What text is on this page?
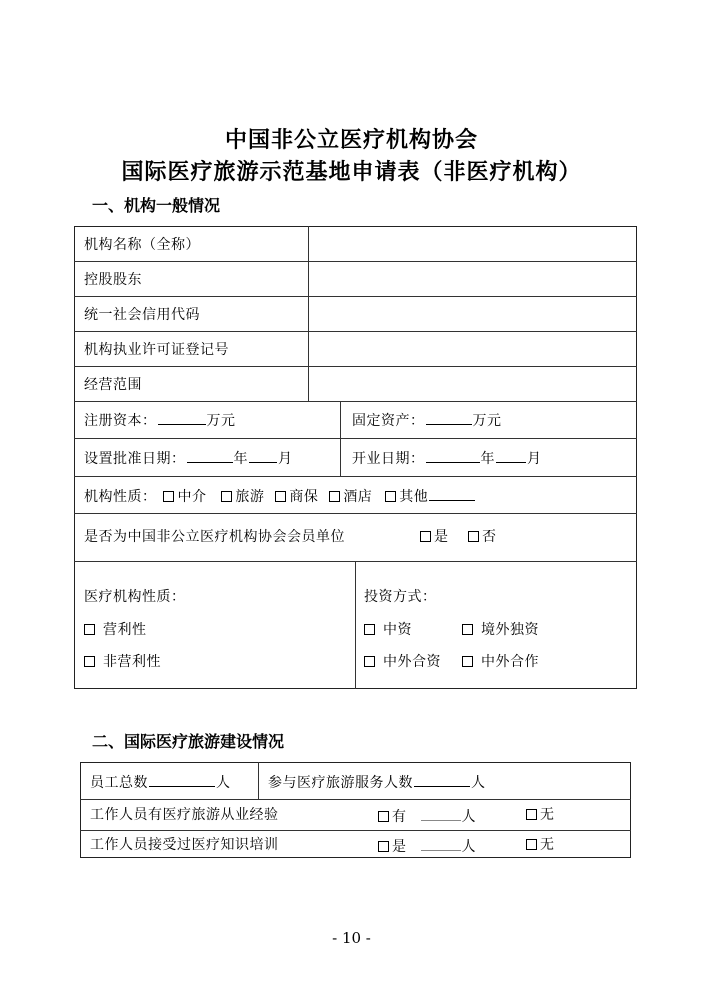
中国非公立医疗机构协会
国际医疗旅游示范基地申请表（非医疗机构）
一、机构一般情况
机构名称（全称）
控股股东
统一社会信用代码
机构执业许可证登记号
经营范围
注册资本：	万元	固定资产：	万元
设置批准日期：	年 月	开业日期：	年 月
机构性质： 中介 旅游 商保 酒店 其他
是否为中国非公立医疗机构协会会员单位	是	否
医疗机构性质：
营利性
非营利性
投资方式：
中资	境外独资
中外合资	中外合作
二、国际医疗旅游建设情况
员工总数	人	参与医疗旅游服务人数	人
工作人员有医疗旅游从业经验	有	人	无
工作人员接受过医疗知识培训	是	人	无
- 10 -
